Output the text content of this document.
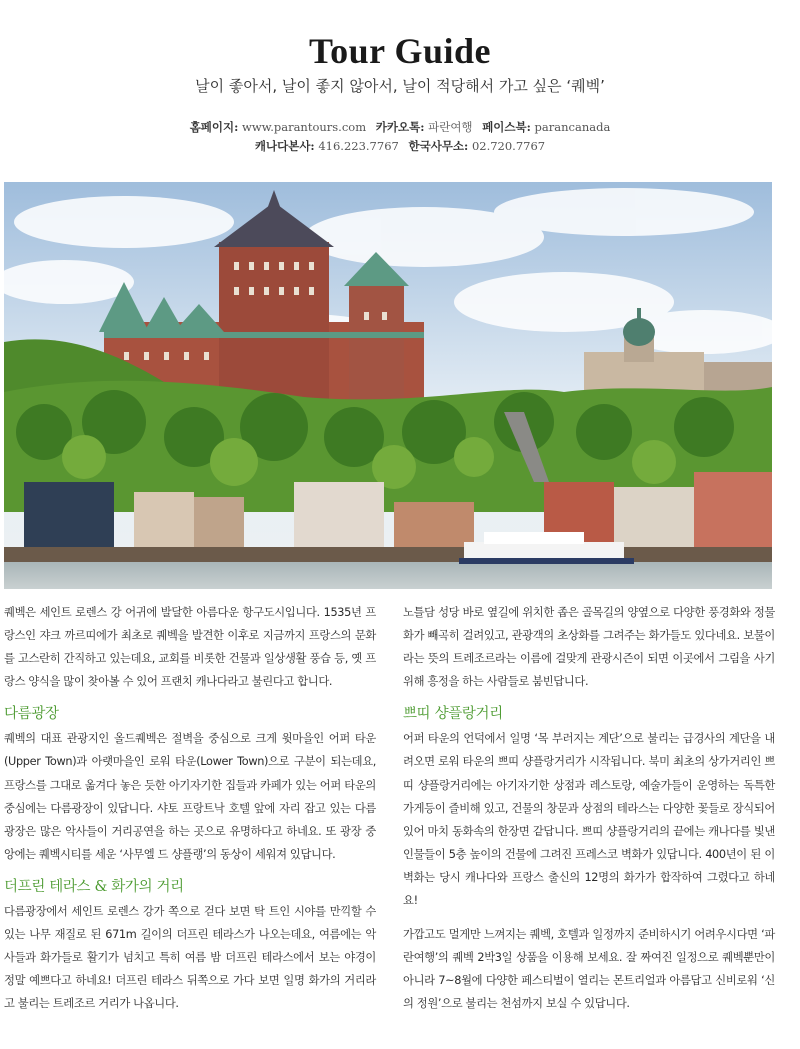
Tour Guide
날이 좋아서, 날이 좋지 않아서, 날이 적당해서 가고 싶은 ‘퀘벡’
홈페이지: www.parantours.com 카카오톡: 파란여행 페이스북: parancanada
캐나다본사: 416.223.7767 한국사무소: 02.720.7767

퀘벡은 세인트 로렌스 강 어귀에 발달한 아름다운 항구도시입니다. 1535년 프랑스인 쟈크 까르띠에가 최초로 퀘벡을 발견한 이후로 지금까지 프랑스의 문화를 고스란히 간직하고 있는데요, 교회를 비롯한 건물과 일상생활 풍습 등, 옛 프랑스 양식을 많이 찾아볼 수 있어 프랜치 캐나다라고 불린다고 합니다.

다름광장

퀘벡의 대표 관광지인 올드퀘벡은 절벽을 중심으로 크게 윗마을인 어퍼 타운(Upper Town)과 아랫마을인 로워 타운(Lower Town)으로 구분이 되는데요, 프랑스를 그대로 옮겨다 놓은 듯한 아기자기한 집들과 카페가 있는 어퍼 타운의 중심에는 다름광장이 있답니다. 샤토 프랑트낙 호텔 앞에 자리 잡고 있는 다름광장은 많은 악사들이 거리공연을 하는 곳으로 유명하다고 하네요. 또 광장 중앙에는 퀘벡시티를 세운 ‘사무엘 드 샹플랭’의 동상이 세워져 있답니다.

더프린 테라스 & 화가의 거리

다름광장에서 세인트 로렌스 강가 쪽으로 걷다 보면 탁 트인 시야를 만끽할 수 있는 나무 재질로 된 671m 길이의 더프린 테라스가 나오는데요, 여름에는 악사들과 화가들로 활기가 넘치고 특히 여름 밤 더프린 테라스에서 보는 야경이 정말 예쁘다고 하네요! 더프린 테라스 뒤쪽으로 가다 보면 일명 화가의 거리라고 불리는 트레조르 거리가 나옵니다.

노틀담 성당 바로 옆길에 위치한 좁은 골목길의 양옆으로 다양한 풍경화와 정물화가 빼곡히 걸려있고, 관광객의 초상화를 그려주는 화가들도 있다네요. 보물이라는 뜻의 트레조르라는 이름에 걸맞게 관광시즌이 되면 이곳에서 그림을 사기위해 흥정을 하는 사람들로 붐빈답니다.

쁘띠 샹플랑거리

어퍼 타운의 언덕에서 일명 ‘목 부러지는 계단’으로 불리는 급경사의 계단을 내려오면 로워 타운의 쁘띠 샹플랑거리가 시작됩니다. 북미 최초의 상가거리인 쁘띠 샹플랑거리에는 아기자기한 상점과 레스토랑, 예술가들이 운영하는 독특한 가게등이 즐비해 있고, 건물의 창문과 상점의 테라스는 다양한 꽃들로 장식되어 있어 마치 동화속의 한장면 같답니다. 쁘띠 샹플랑거리의 끝에는 캐나다를 빛낸 인물들이 5층 높이의 건물에 그려진 프레스코 벽화가 있답니다. 400년이 된 이 벽화는 당시 캐나다와 프랑스 출신의 12명의 화가가 합작하여 그렸다고 하네요!

가깝고도 멀게만 느껴지는 퀘벡, 호텔과 일정까지 준비하시기 어려우시다면 ‘파란여행’의 퀘벡 2박3일 상품을 이용해 보세요. 잘 짜여진 일정으로 퀘벡뿐만이 아니라 7~8월에 다양한 페스티벌이 열리는 몬트리얼과 아름답고 신비로워 ‘신의 정원’으로 불리는 천섬까지 보실 수 있답니다.
